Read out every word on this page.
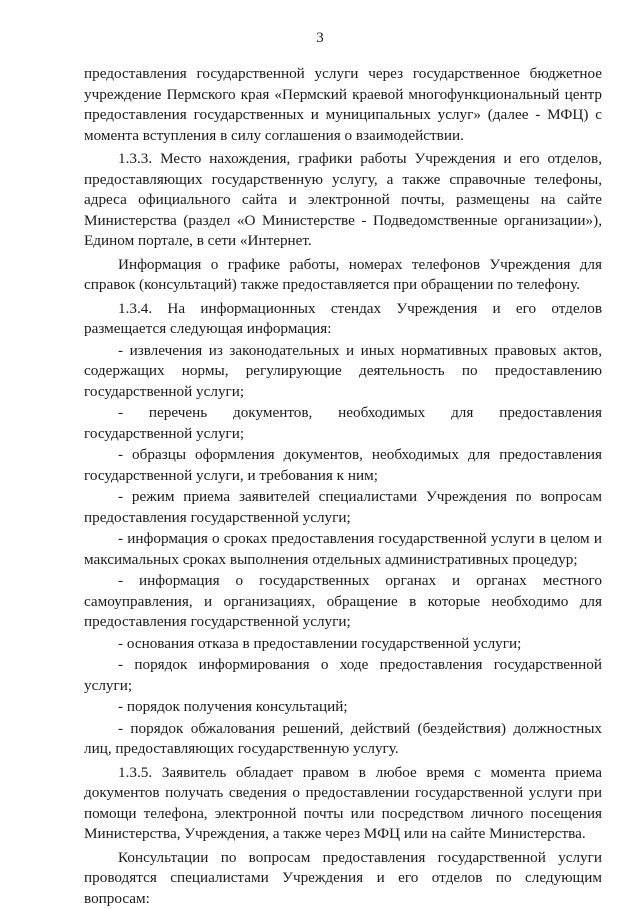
3

предоставления государственной услуги через государственное бюджетное учреждение Пермского края «Пермский краевой многофункциональный центр предоставления государственных и муниципальных услуг» (далее - МФЦ) с момента вступления в силу соглашения о взаимодействии.

1.3.3. Место нахождения, графики работы Учреждения и его отделов, предоставляющих государственную услугу, а также справочные телефоны, адреса официального сайта и электронной почты, размещены на сайте Министерства (раздел «О Министерстве - Подведомственные организации»), Едином портале, в сети «Интернет.

Информация о графике работы, номерах телефонов Учреждения для справок (консультаций) также предоставляется при обращении по телефону.

1.3.4. На информационных стендах Учреждения и его отделов размещается следующая информация:

- извлечения из законодательных и иных нормативных правовых актов, содержащих нормы, регулирующие деятельность по предоставлению государственной услуги;

- перечень документов, необходимых для предоставления государственной услуги;

- образцы оформления документов, необходимых для предоставления государственной услуги, и требования к ним;

- режим приема заявителей специалистами Учреждения по вопросам предоставления государственной услуги;

- информация о сроках предоставления государственной услуги в целом и максимальных сроках выполнения отдельных административных процедур;

- информация о государственных органах и органах местного самоуправления, и организациях, обращение в которые необходимо для предоставления государственной услуги;

- основания отказа в предоставлении государственной услуги;

- порядок информирования о ходе предоставления государственной услуги;

- порядок получения консультаций;

- порядок обжалования решений, действий (бездействия) должностных лиц, предоставляющих государственную услугу.

1.3.5. Заявитель обладает правом в любое время с момента приема документов получать сведения о предоставлении государственной услуги при помощи телефона, электронной почты или посредством личного посещения Министерства, Учреждения, а также через МФЦ или на сайте Министерства.

Консультации по вопросам предоставления государственной услуги проводятся специалистами Учреждения и его отделов по следующим вопросам:
